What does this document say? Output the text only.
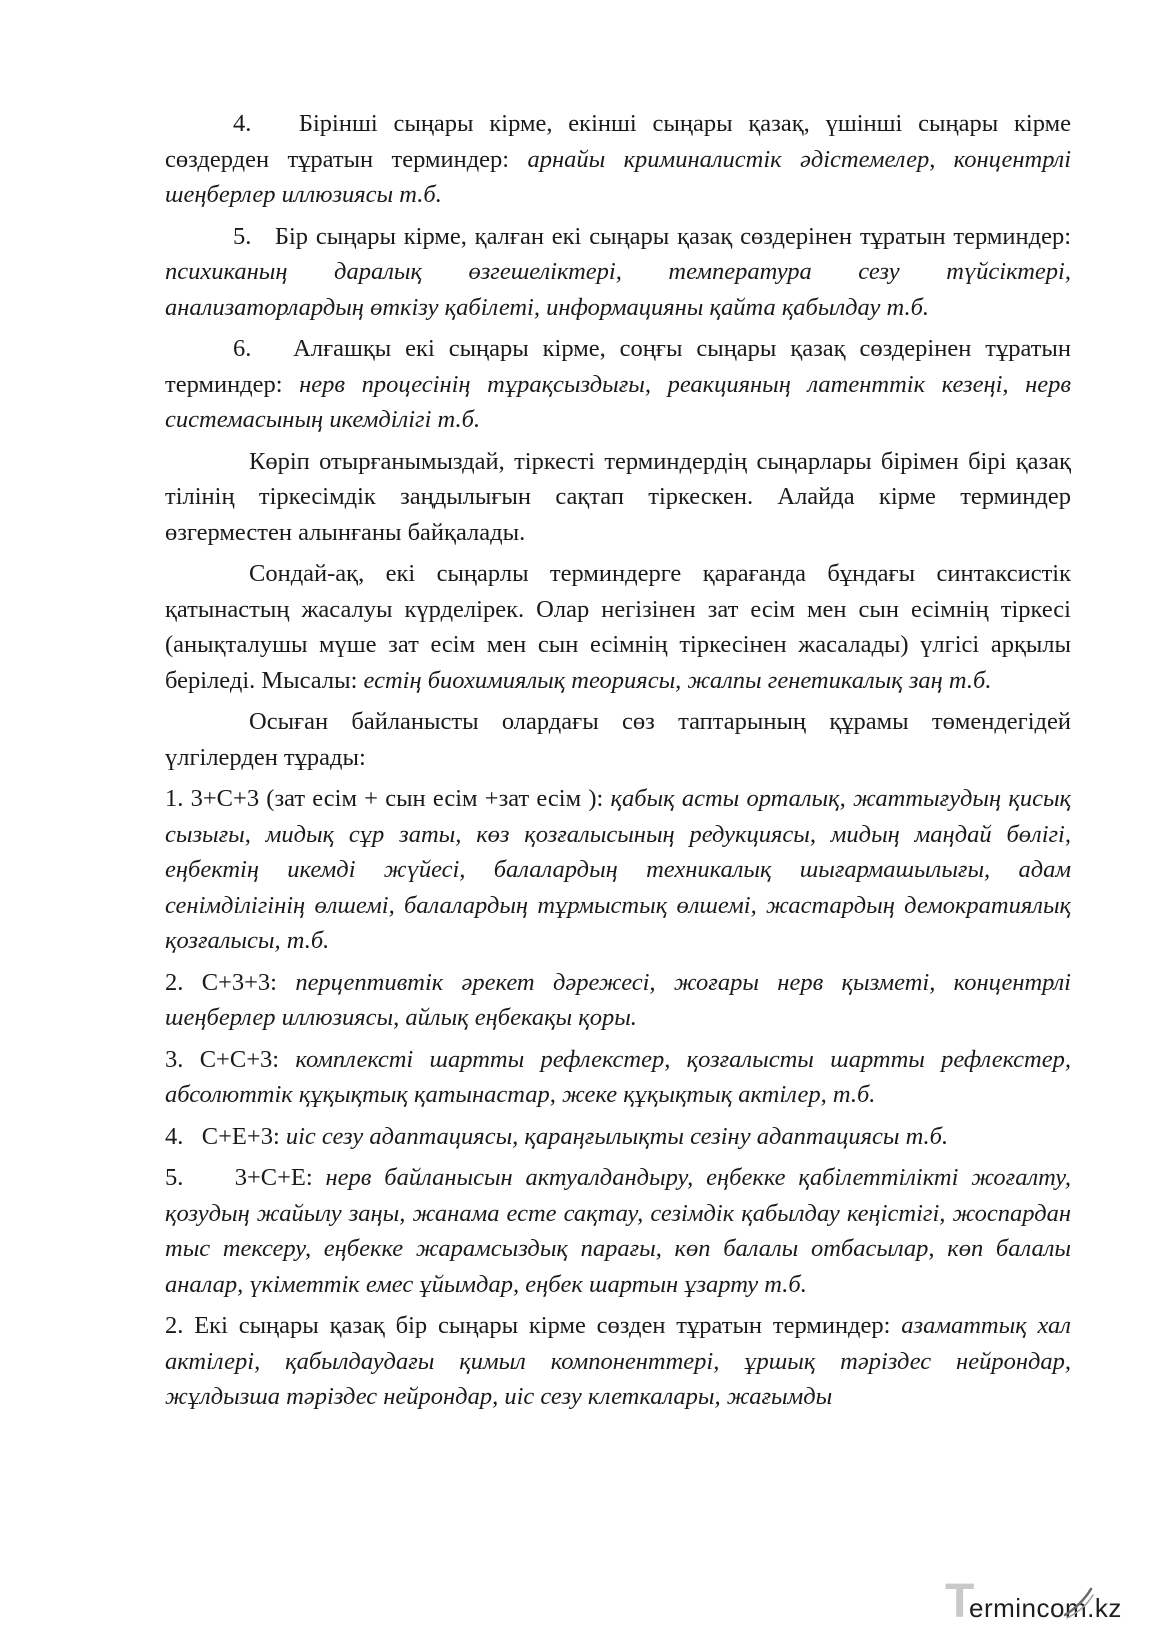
4. Бірінші сыңары кірме, екінші сыңары қазақ, үшінші сыңары кірме сөздерден тұратын терминдер: арнайы криминалистік әдістемелер, концентрлі шеңберлер иллюзиясы т.б.

5. Бір сыңары кірме, қалған екі сыңары қазақ сөздерінен тұратын терминдер: психиканың даралық өзгешеліктері, температура сезу түйсіктері, анализаторлардың өткізу қабілеті, информацияны қайта қабылдау т.б.

6. Алғашқы екі сыңары кірме, соңғы сыңары қазақ сөздерінен тұратын терминдер: нерв процесінің тұрақсыздығы, реакцияның латенттік кезеңі, нерв системасының икемділігі т.б.

Көріп отырғанымыздай, тіркесті терминдердің сыңарлары бірімен бірі қазақ тілінің тіркесімдік заңдылығын сақтап тіркескен. Алайда кірме терминдер өзгерместен алынғаны байқалады.

Сондай-ақ, екі сыңарлы терминдерге қарағанда бұндағы синтаксистік қатынастың жасалуы күрделірек. Олар негізінен зат есім мен сын есімнің тіркесі (анықталушы мүше зат есім мен сын есімнің тіркесінен жасалады) үлгісі арқылы беріледі. Мысалы: естің биохимиялық теориясы, жалпы генетикалық заң т.б.

Осыған байланысты олардағы сөз таптарының құрамы төмендегідей үлгілерден тұрады:

1. 3+С+3 (зат есім + сын есім +зат есім ): қабық асты орталық, жаттығудың қисық сызығы, мидық сұр заты, көз қозғалысының редукциясы, мидың маңдай бөлігі, еңбектің икемді жүйесі, балалардың техникалық шығармашылығы, адам сенімділігінің өлшемі, балалардың тұрмыстық өлшемі, жастардың демократиялық қозғалысы, т.б.

2. С+3+3: перцептивтік әрекет дәрежесі, жоғары нерв қызметі, концентрлі шеңберлер иллюзиясы, айлық еңбекақы қоры.

3. С+С+3: комплексті шартты рефлекстер, қозғалысты шартты рефлекстер, абсолюттік құқықтық қатынастар, жеке құқықтық актілер, т.б.

4.   С+Е+3: иіс сезу адаптациясы, қараңғылықты сезіну адаптациясы т.б.

5.    3+С+Е: нерв байланысын актуалдандыру, еңбекке қабілеттілікті жоғалту, қозудың жайылу заңы, жанама есте сақтау, сезімдік қабылдау кеңістігі, жоспардан тыс тексеру, еңбекке жарамсыздық парағы, көп балалы отбасылар, көп балалы аналар, үкіметтік емес ұйымдар, еңбек шартын ұзарту т.б.

2. Екі сыңары қазақ бір сыңары кірме сөзден тұратын терминдер: азаматтық хал актілері, қабылдаудағы қимыл компоненттері, ұршық тәріздес нейрондар, жұлдызша тәріздес нейрондар, иіс сезу клеткалары, жағымды

T
ermincom.kz
